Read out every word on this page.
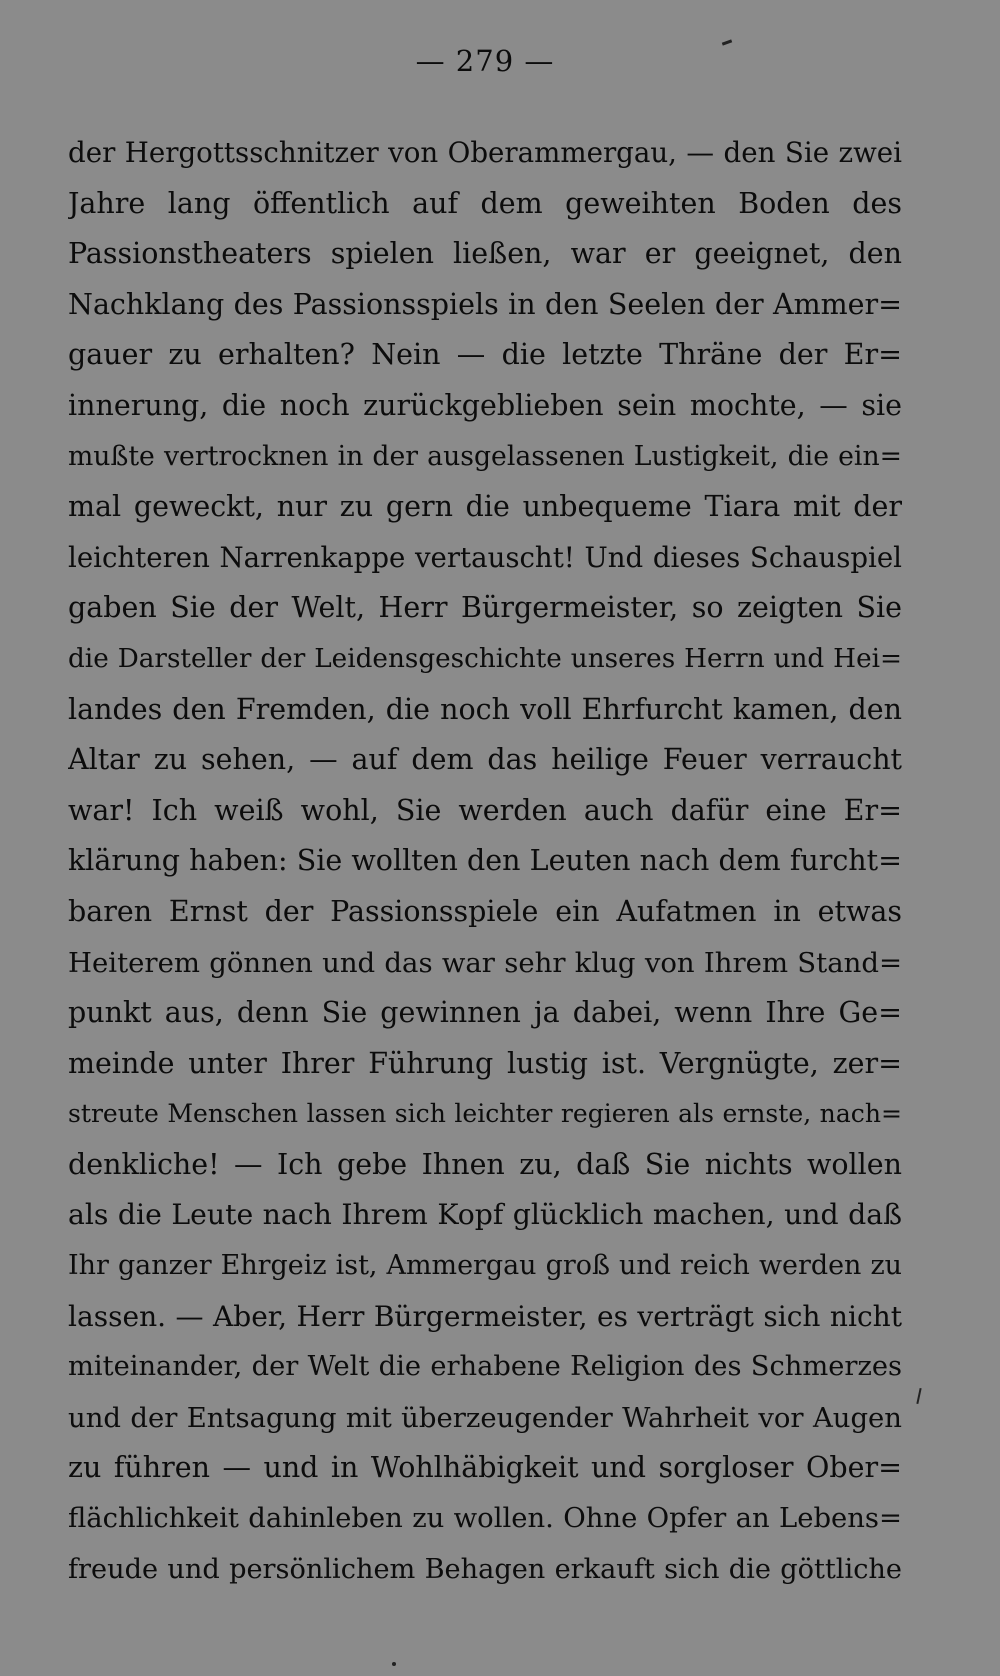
— 279 —
der Hergottsschnitzer von Oberammergau, — den Sie zwei
Jahre lang öffentlich auf dem geweihten Boden des
Passionstheaters spielen ließen, war er geeignet, den
Nachklang des Passionsspiels in den Seelen der Ammer=
gauer zu erhalten? Nein — die letzte Thräne der Er=
innerung, die noch zurückgeblieben sein mochte, — sie
mußte vertrocknen in der ausgelassenen Lustigkeit, die ein=
mal geweckt, nur zu gern die unbequeme Tiara mit der
leichteren Narrenkappe vertauscht! Und dieses Schauspiel
gaben Sie der Welt, Herr Bürgermeister, so zeigten Sie
die Darsteller der Leidensgeschichte unseres Herrn und Hei=
landes den Fremden, die noch voll Ehrfurcht kamen, den
Altar zu sehen, — auf dem das heilige Feuer verraucht
war! Ich weiß wohl, Sie werden auch dafür eine Er=
klärung haben: Sie wollten den Leuten nach dem furcht=
baren Ernst der Passionsspiele ein Aufatmen in etwas
Heiterem gönnen und das war sehr klug von Ihrem Stand=
punkt aus, denn Sie gewinnen ja dabei, wenn Ihre Ge=
meinde unter Ihrer Führung lustig ist. Vergnügte, zer=
streute Menschen lassen sich leichter regieren als ernste, nach=
denkliche! — Ich gebe Ihnen zu, daß Sie nichts wollen
als die Leute nach Ihrem Kopf glücklich machen, und daß
Ihr ganzer Ehrgeiz ist, Ammergau groß und reich werden zu
lassen. — Aber, Herr Bürgermeister, es verträgt sich nicht
miteinander, der Welt die erhabene Religion des Schmerzes
und der Entsagung mit überzeugender Wahrheit vor Augen
zu führen — und in Wohlhäbigkeit und sorgloser Ober=
flächlichkeit dahinleben zu wollen. Ohne Opfer an Lebens=
freude und persönlichem Behagen erkauft sich die göttliche
